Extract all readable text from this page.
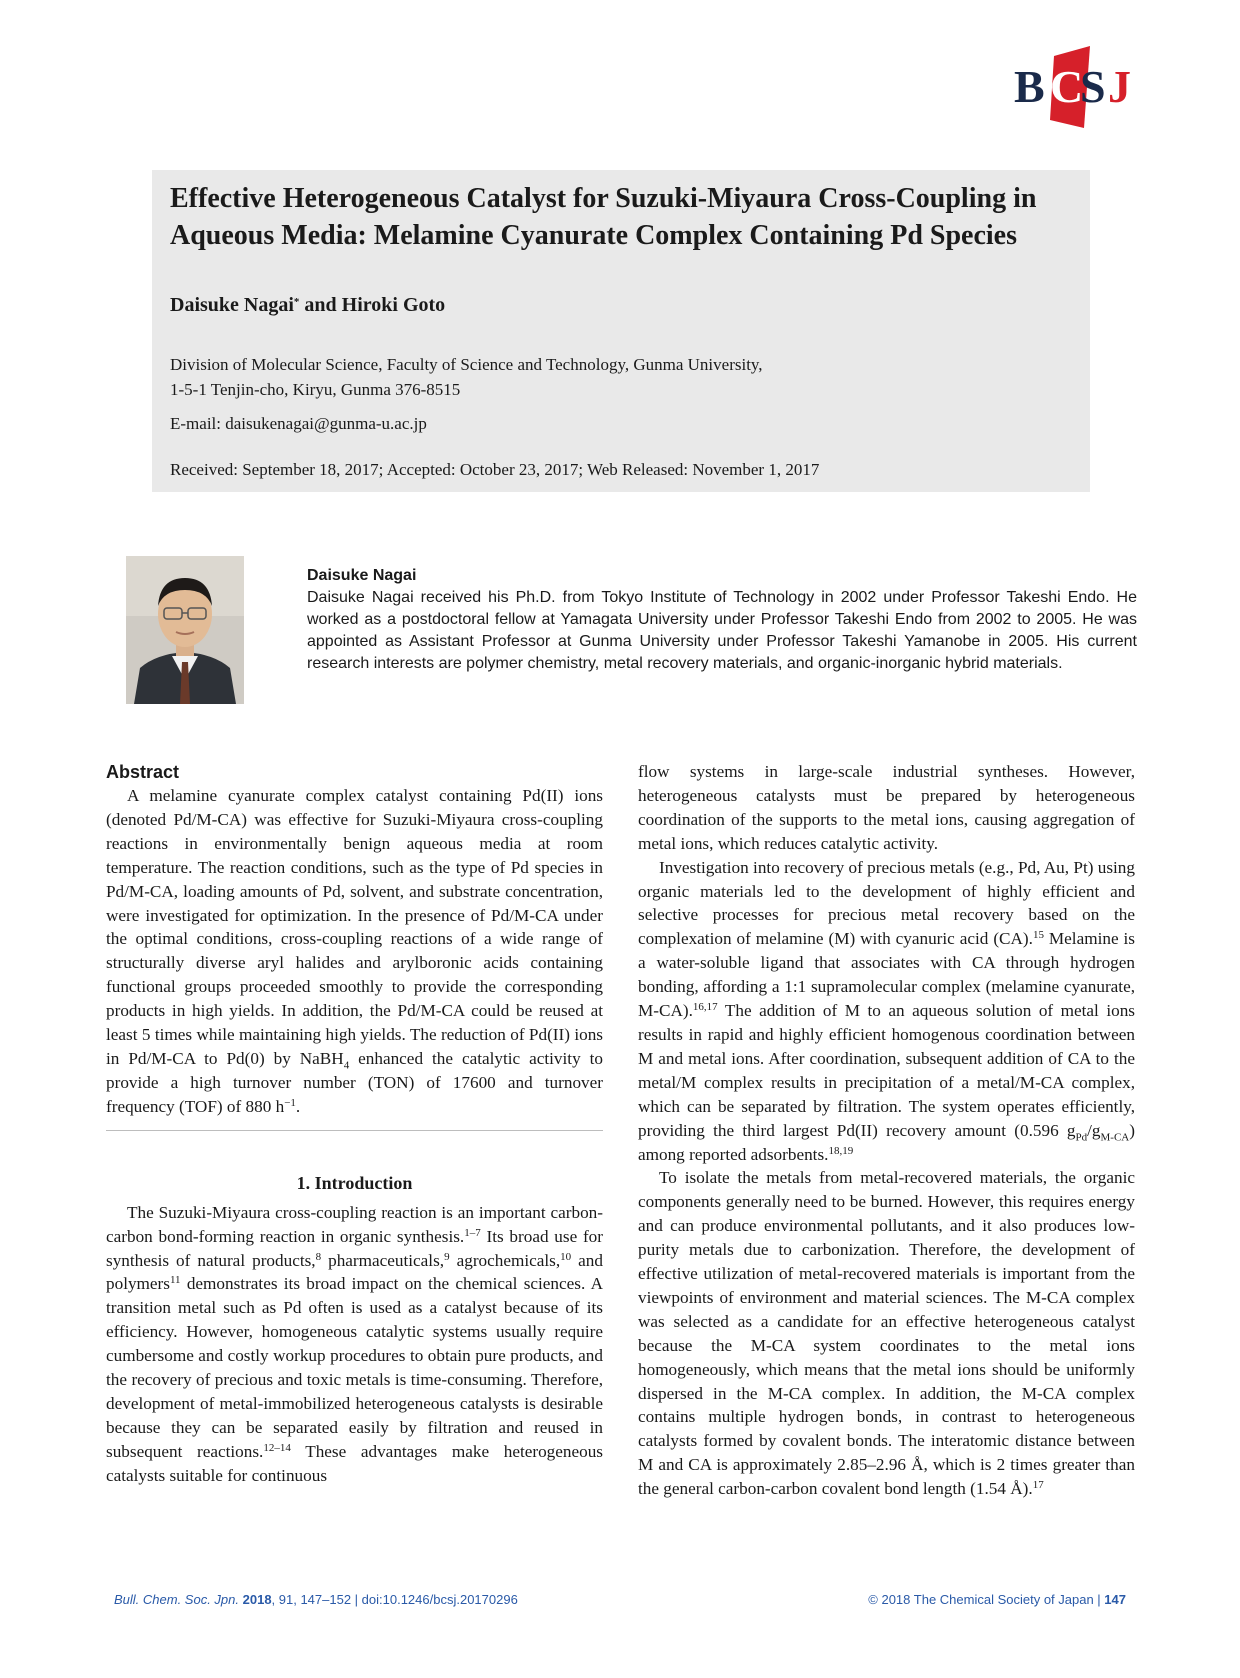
B C
S J
Effective Heterogeneous Catalyst for Suzuki-Miyaura Cross-Coupling in Aqueous Media: Melamine Cyanurate Complex Containing Pd Species
Daisuke Nagai* and Hiroki Goto
Division of Molecular Science, Faculty of Science and Technology, Gunma University,
1-5-1 Tenjin-cho, Kiryu, Gunma 376-8515
E-mail: daisukenagai@gunma-u.ac.jp
Received: September 18, 2017; Accepted: October 23, 2017; Web Released: November 1, 2017
Daisuke Nagai
Daisuke Nagai received his Ph.D. from Tokyo Institute of Technology in 2002 under Professor Takeshi Endo. He worked as a postdoctoral fellow at Yamagata University under Professor Takeshi Endo from 2002 to 2005. He was appointed as Assistant Professor at Gunma University under Professor Takeshi Yamanobe in 2005. His current research interests are polymer chemistry, metal recovery materials, and organic-inorganic hybrid materials.
Abstract

A melamine cyanurate complex catalyst containing Pd(II) ions (denoted Pd/M-CA) was effective for Suzuki-Miyaura cross-coupling reactions in environmentally benign aqueous media at room temperature. The reaction conditions, such as the type of Pd species in Pd/M-CA, loading amounts of Pd, solvent, and substrate concentration, were investigated for optimization. In the presence of Pd/M-CA under the optimal conditions, cross-coupling reactions of a wide range of structurally diverse aryl halides and arylboronic acids containing functional groups proceeded smoothly to provide the corresponding products in high yields. In addition, the Pd/M-CA could be reused at least 5 times while maintaining high yields. The reduction of Pd(II) ions in Pd/M-CA to Pd(0) by NaBH$_4$ enhanced the catalytic activity to provide a high turnover number (TON) of 17600 and turnover frequency (TOF) of 880 $h^{-1}$.

1. Introduction

The Suzuki-Miyaura cross-coupling reaction is an important carbon-carbon bond-forming reaction in organic synthesis.$^{1-7}$ Its broad use for synthesis of natural products,$^8$ pharmaceuticals,$^9$ agrochemicals,$^{10}$ and polymers$^{11}$ demonstrates its broad impact on the chemical sciences. A transition metal such as Pd often is used as a catalyst because of its efficiency. However, homogeneous catalytic systems usually require cumbersome and costly workup procedures to obtain pure products, and the recovery of precious and toxic metals is time-consuming. Therefore, development of metal-immobilized heterogeneous catalysts is desirable because they can be separated easily by filtration and reused in subsequent reactions.$^{12-14}$ These advantages make heterogeneous catalysts suitable for continuous

flow systems in large-scale industrial syntheses. However, heterogeneous catalysts must be prepared by heterogeneous coordination of the supports to the metal ions, causing aggregation of metal ions, which reduces catalytic activity.

Investigation into recovery of precious metals (e.g., Pd, Au, Pt) using organic materials led to the development of highly efficient and selective processes for precious metal recovery based on the complexation of melamine (M) with cyanuric acid (CA).$^{15}$ Melamine is a water-soluble ligand that associates with CA through hydrogen bonding, affording a 1:1 supramolecular complex (melamine cyanurate, M-CA).$^{16,17}$ The addition of M to an aqueous solution of metal ions results in rapid and highly efficient homogenous coordination between M and metal ions. After coordination, subsequent addition of CA to the metal/M complex results in precipitation of a metal/M-CA complex, which can be separated by filtration. The system operates efficiently, providing the third largest Pd(II) recovery amount (0.596 $g_{Pd}/g_{M-CA}$) among reported adsorbents.$^{18,19}$

To isolate the metals from metal-recovered materials, the organic components generally need to be burned. However, this requires energy and can produce environmental pollutants, and it also produces low-purity metals due to carbonization. Therefore, the development of effective utilization of metal-recovered materials is important from the viewpoints of environment and material sciences. The M-CA complex was selected as a candidate for an effective heterogeneous catalyst because the M-CA system coordinates to the metal ions homogeneously, which means that the metal ions should be uniformly dispersed in the M-CA complex. In addition, the M-CA complex contains multiple hydrogen bonds, in contrast to heterogeneous catalysts formed by covalent bonds. The interatomic distance between M and CA is approximately 2.85–2.96 Å, which is 2 times greater than the general carbon-carbon covalent bond length (1.54 Å).$^{17}$

Bull. Chem. Soc. Jpn. 2018, 91, 147–152 | doi:10.1246/bcsj.20170296	© 2018 The Chemical Society of Japan | 147
